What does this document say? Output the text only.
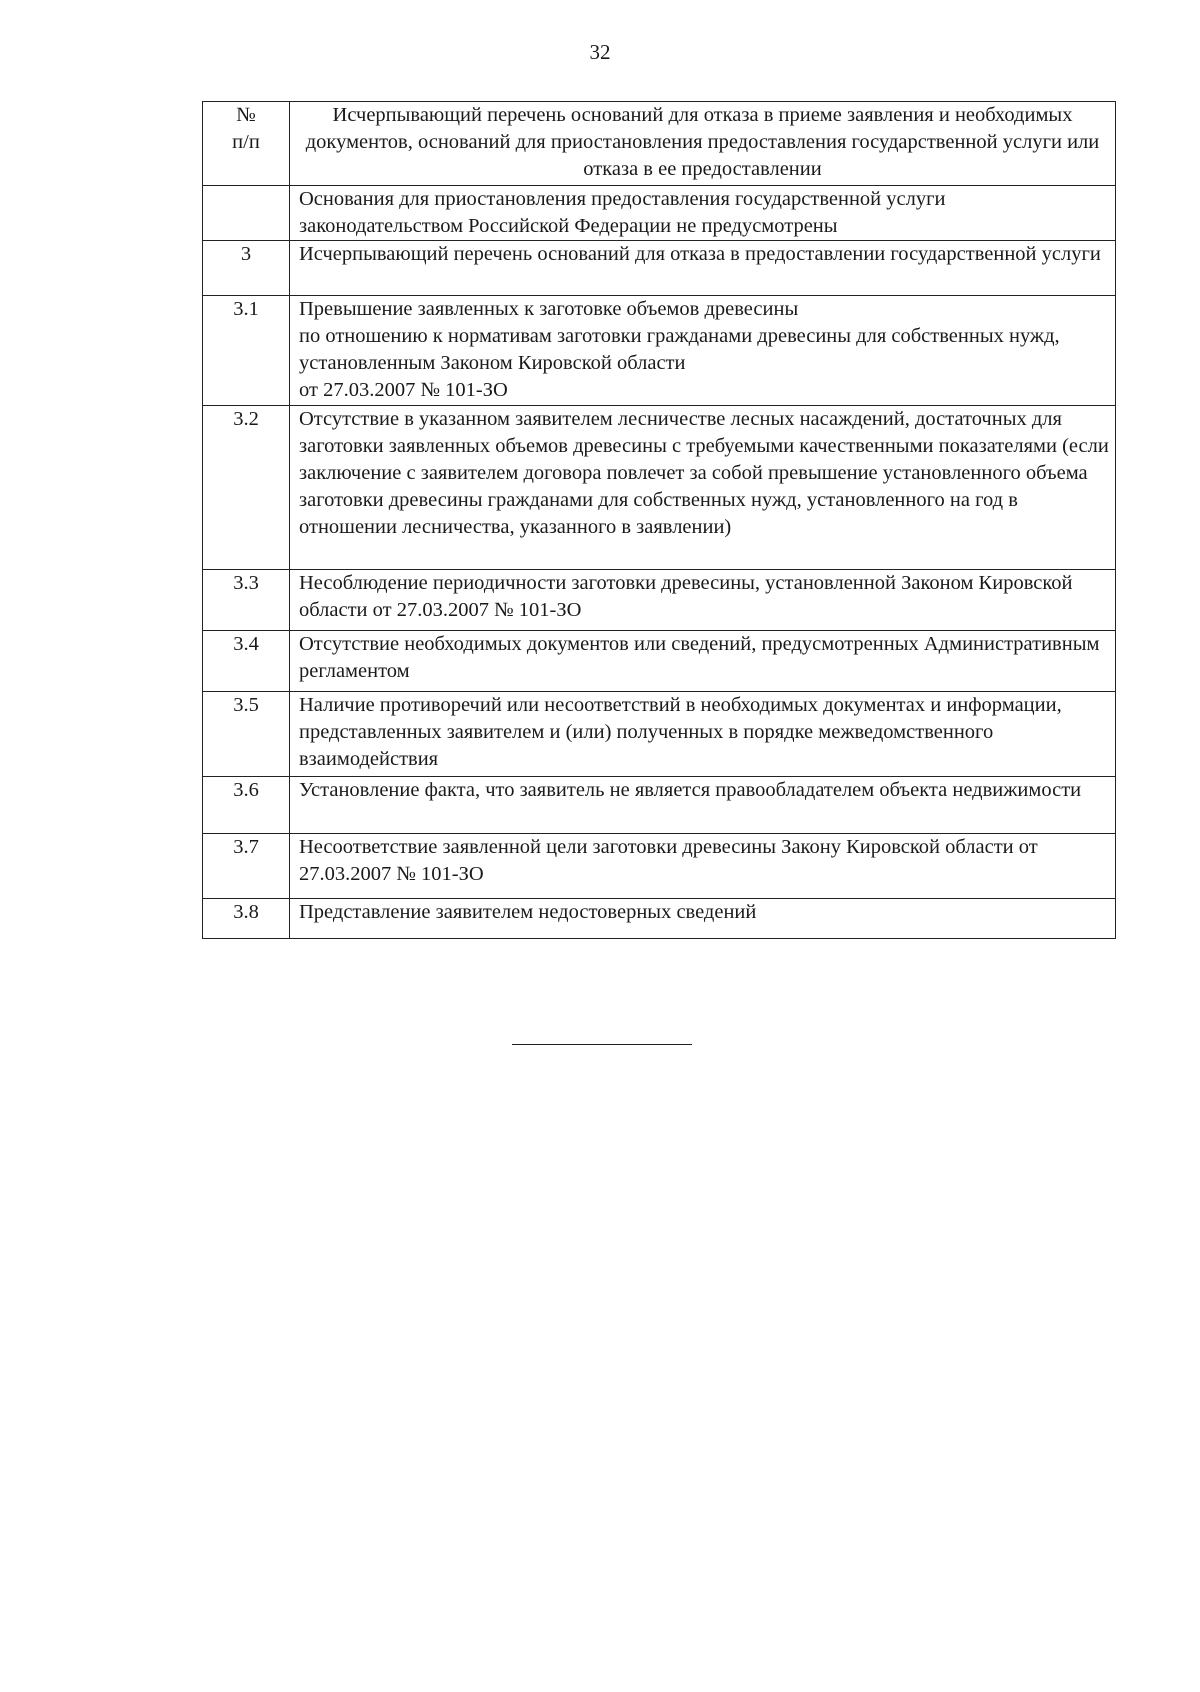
32
№
п/п	Исчерпывающий перечень оснований для отказа в приеме заявления и необходимых документов, оснований для приостановления предоставления государственной услуги или отказа в ее предоставлении
	Основания для приостановления предоставления государственной услуги законодательством Российской Федерации не предусмотрены
3	Исчерпывающий перечень оснований для отказа в предоставлении государственной услуги
3.1	Превышение заявленных к заготовке объемов древесины
по отношению к нормативам заготовки гражданами древесины для собственных нужд, установленным Законом Кировской области
от 27.03.2007 № 101-ЗО
3.2	Отсутствие в указанном заявителем лесничестве лесных насаждений, достаточных для заготовки заявленных объемов древесины с требуемыми качественными показателями (если заключение с заявителем договора повлечет за собой превышение установленного объема заготовки древесины гражданами для собственных нужд, установленного на год в отношении лесничества, указанного в заявлении)
3.3	Несоблюдение периодичности заготовки древесины, установленной Законом Кировской области от 27.03.2007 № 101-ЗО
3.4	Отсутствие необходимых документов или сведений, предусмотренных Административным регламентом
3.5	Наличие противоречий или несоответствий в необходимых документах и информации, представленных заявителем и (или) полученных в порядке межведомственного взаимодействия
3.6	Установление факта, что заявитель не является правообладателем объекта недвижимости
3.7	Несоответствие заявленной цели заготовки древесины Закону Кировской области от 27.03.2007 № 101-ЗО
3.8	Представление заявителем недостоверных сведений
